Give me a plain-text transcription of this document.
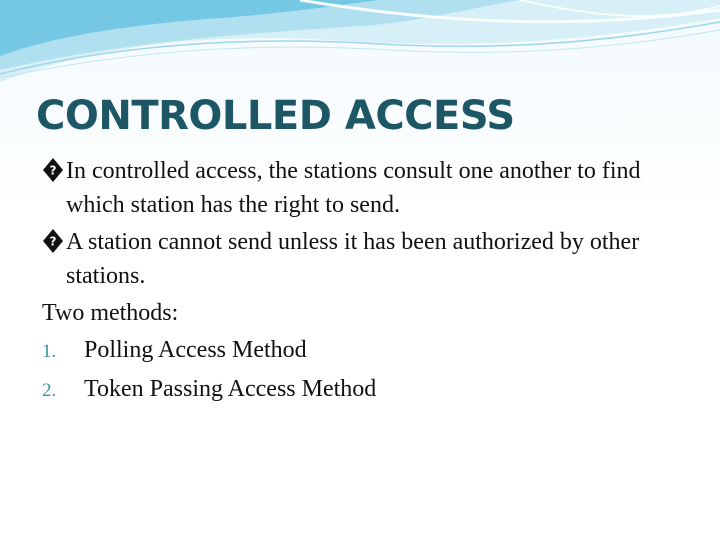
CONTROLLED ACCESS

? In controlled access, the stations consult one another to find which station has the right to send.

? A station cannot send unless it has been authorized by other stations.

Two methods:

1. Polling Access Method

2. Token Passing Access Method
